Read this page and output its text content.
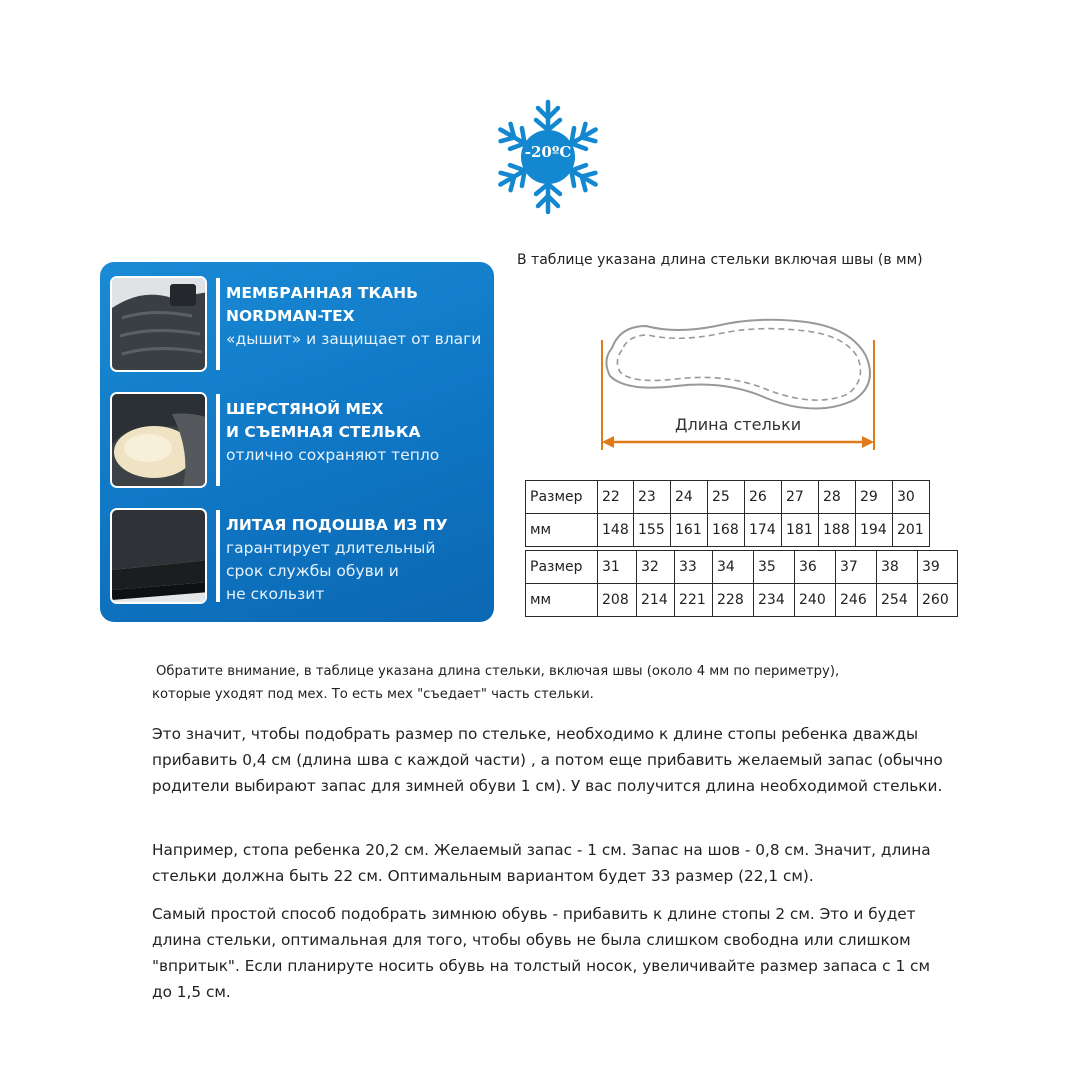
-20ºC
МЕМБРАННАЯ ТКАНЬ
NORDMAN-TEX
«дышит» и защищает от влаги
ШЕРСТЯНОЙ МЕХ
И СЪЕМНАЯ СТЕЛЬКА
отлично сохраняют тепло
ЛИТАЯ ПОДОШВА ИЗ ПУ
гарантирует длительный
срок службы обуви и
не скользит
В таблице указана длина стельки включая швы (в мм)
Длина стельки
Размер	22	23	24	25	26	27	28	29	30
мм	148	155	161	168	174	181	188	194	201
Размер	31	32	33	34	35	36	37	38	39
мм	208	214	221	228	234	240	246	254	260
Обратите внимание, в таблице указана длина стельки, включая швы (около 4 мм по периметру),
которые уходят под мех. То есть мех "съедает" часть стельки.
Это значит, чтобы подобрать размер по стельке, необходимо к длине стопы ребенка дважды прибавить 0,4 см (длина шва с каждой части) , а потом еще прибавить желаемый запас (обычно родители выбирают запас для зимней обуви 1 см). У вас получится длина необходимой стельки.
Например, стопа ребенка 20,2 см. Желаемый запас - 1 см. Запас на шов - 0,8 см. Значит, длина стельки должна быть 22 см. Оптимальным вариантом будет 33 размер (22,1 см).
Самый простой способ подобрать зимнюю обувь - прибавить к длине стопы 2 см. Это и будет длина стельки, оптимальная для того, чтобы обувь не была слишком свободна или слишком "впритык". Если планируте носить обувь на толстый носок, увеличивайте размер запаса с 1 см до 1,5 см.
